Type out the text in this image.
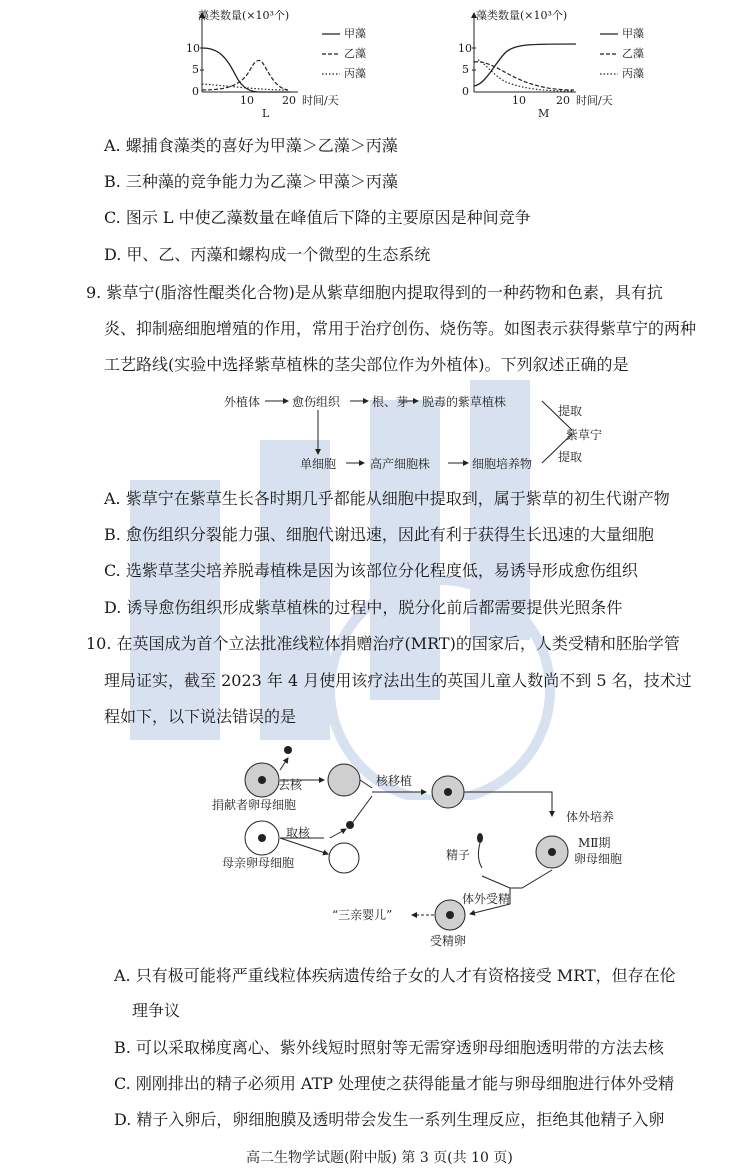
藻类数量(×10³个)
10
5
0
10	20 时间/天
L
甲藻
乙藻
丙藻
藻类数量(×10³个)
10
5
0
10	20 时间/天
M
甲藻
乙藻
丙藻
A. 螺捕食藻类的喜好为甲藻＞乙藻＞丙藻
B. 三种藻的竞争能力为乙藻＞甲藻＞丙藻
C. 图示 L 中使乙藻数量在峰值后下降的主要原因是种间竞争
D. 甲、乙、丙藻和螺构成一个微型的生态系统
9. 紫草宁(脂溶性醌类化合物)是从紫草细胞内提取得到的一种药物和色素，具有抗
炎、抑制癌细胞增殖的作用，常用于治疗创伤、烧伤等。如图表示获得紫草宁的两种
工艺路线(实验中选择紫草植株的茎尖部位作为外植体)。下列叙述正确的是
外植体	愈伤组织	根、芽 脱毒的紫草植株
提取
紫草宁
提取
单细胞	高产细胞株	细胞培养物
A. 紫草宁在紫草生长各时期几乎都能从细胞中提取到，属于紫草的初生代谢产物
B. 愈伤组织分裂能力强、细胞代谢迅速，因此有利于获得生长迅速的大量细胞
C. 选紫草茎尖培养脱毒植株是因为该部位分化程度低，易诱导形成愈伤组织
D. 诱导愈伤组织形成紫草植株的过程中，脱分化前后都需要提供光照条件
10. 在英国成为首个立法批准线粒体捐赠治疗(MRT)的国家后，人类受精和胚胎学管
理局证实，截至 2023 年 4 月使用该疗法出生的英国儿童人数尚不到 5 名，技术过
程如下，以下说法错误的是
去核
捐献者卵母细胞
取核
母亲卵母细胞
核移植
体外培养
MⅡ期
卵母细胞
精子
体外受精
“三亲婴儿”
受精卵
A. 只有极可能将严重线粒体疾病遗传给子女的人才有资格接受 MRT，但存在伦
理争议
B. 可以采取梯度离心、紫外线短时照射等无需穿透卵母细胞透明带的方法去核
C. 刚刚排出的精子必须用 ATP 处理使之获得能量才能与卵母细胞进行体外受精
D. 精子入卵后，卵细胞膜及透明带会发生一系列生理反应，拒绝其他精子入卵
高二生物学试题(附中版) 第 3 页(共 10 页)
